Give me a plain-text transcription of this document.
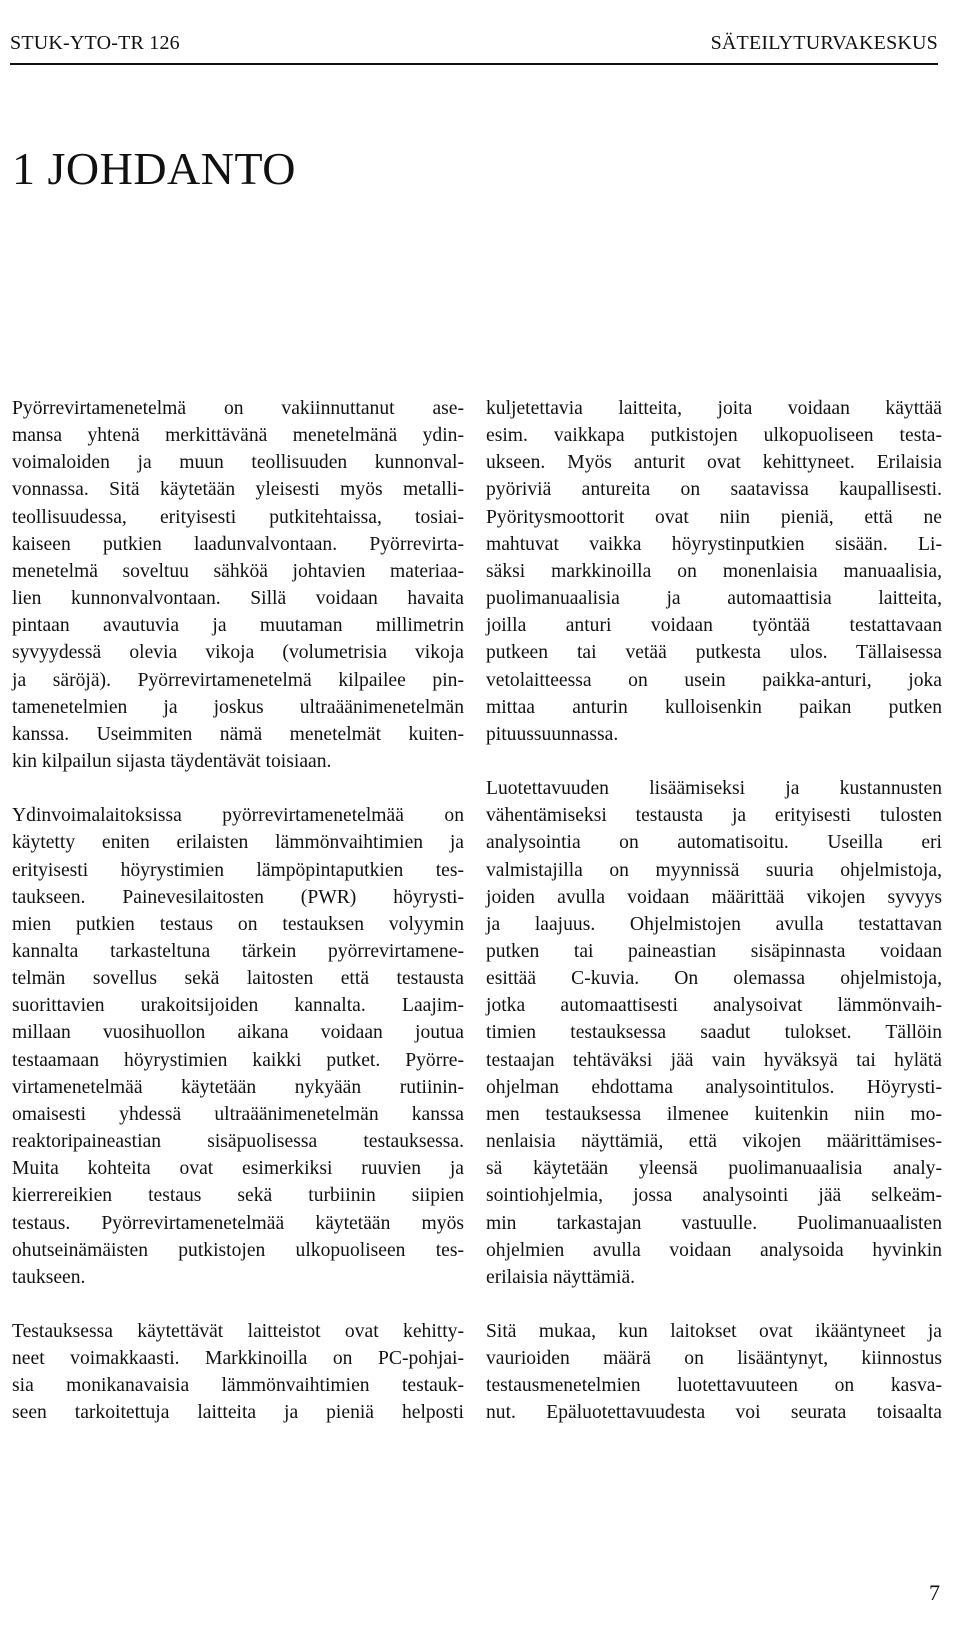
STUK-YTO-TR 126	SÄTEILYTURVAKESKUS
1 JOHDANTO
Pyörrevirtamenetelmä on vakiinnuttanut ase-
mansa yhtenä merkittävänä menetelmänä ydin-
voimaloiden ja muun teollisuuden kunnonval-
vonnassa. Sitä käytetään yleisesti myös metalli-
teollisuudessa, erityisesti putkitehtaissa, tosiai-
kaiseen putkien laadunvalvontaan. Pyörrevirta-
menetelmä soveltuu sähköä johtavien materiaa-
lien kunnonvalvontaan. Sillä voidaan havaita
pintaan avautuvia ja muutaman millimetrin
syvyydessä olevia vikoja (volumetrisia vikoja
ja säröjä). Pyörrevirtamenetelmä kilpailee pin-
tamenetelmien ja joskus ultraäänimenetelmän
kanssa. Useimmiten nämä menetelmät kuiten-
kin kilpailun sijasta täydentävät toisiaan.
Ydinvoimalaitoksissa pyörrevirtamenetelmää on
käytetty eniten erilaisten lämmönvaihtimien ja
erityisesti höyrystimien lämpöpintaputkien tes-
taukseen. Painevesilaitosten (PWR) höyrysti-
mien putkien testaus on testauksen volyymin
kannalta tarkasteltuna tärkein pyörrevirtamene-
telmän sovellus sekä laitosten että testausta
suorittavien urakoitsijoiden kannalta. Laajim-
millaan vuosihuollon aikana voidaan joutua
testaamaan höyrystimien kaikki putket. Pyörre-
virtamenetelmää käytetään nykyään rutiinin-
omaisesti yhdessä ultraäänimenetelmän kanssa
reaktoripaineastian sisäpuolisessa testauksessa.
Muita kohteita ovat esimerkiksi ruuvien ja
kierrereikien testaus sekä turbiinin siipien
testaus. Pyörrevirtamenetelmää käytetään myös
ohutseinämäisten putkistojen ulkopuoliseen tes-
taukseen.
Testauksessa käytettävät laitteistot ovat kehitty-
neet voimakkaasti. Markkinoilla on PC-pohjai-
sia monikanavaisia lämmönvaihtimien testauk-
seen tarkoitettuja laitteita ja pieniä helposti
kuljetettavia laitteita, joita voidaan käyttää
esim. vaikkapa putkistojen ulkopuoliseen testa-
ukseen. Myös anturit ovat kehittyneet. Erilaisia
pyöriviä antureita on saatavissa kaupallisesti.
Pyöritysmoottorit ovat niin pieniä, että ne
mahtuvat vaikka höyrystinputkien sisään. Li-
säksi markkinoilla on monenlaisia manuaalisia,
puolimanuaalisia ja automaattisia laitteita,
joilla anturi voidaan työntää testattavaan
putkeen tai vetää putkesta ulos. Tällaisessa
vetolaitteessa on usein paikka-anturi, joka
mittaa anturin kulloisenkin paikan putken
pituussuunnassa.
Luotettavuuden lisäämiseksi ja kustannusten
vähentämiseksi testausta ja erityisesti tulosten
analysointia on automatisoitu. Useilla eri
valmistajilla on myynnissä suuria ohjelmistoja,
joiden avulla voidaan määrittää vikojen syvyys
ja laajuus. Ohjelmistojen avulla testattavan
putken tai paineastian sisäpinnasta voidaan
esittää C-kuvia. On olemassa ohjelmistoja,
jotka automaattisesti analysoivat lämmönvaih-
timien testauksessa saadut tulokset. Tällöin
testaajan tehtäväksi jää vain hyväksyä tai hylätä
ohjelman ehdottama analysointitulos. Höyrysti-
men testauksessa ilmenee kuitenkin niin mo-
nenlaisia näyttämiä, että vikojen määrittämises-
sä käytetään yleensä puolimanuaalisia analy-
sointiohjelmia, jossa analysointi jää selkeäm-
min tarkastajan vastuulle. Puolimanuaalisten
ohjelmien avulla voidaan analysoida hyvinkin
erilaisia näyttämiä.
Sitä mukaa, kun laitokset ovat ikääntyneet ja
vaurioiden määrä on lisääntynyt, kiinnostus
testausmenetelmien luotettavuuteen on kasva-
nut. Epäluotettavuudesta voi seurata toisaalta
7
